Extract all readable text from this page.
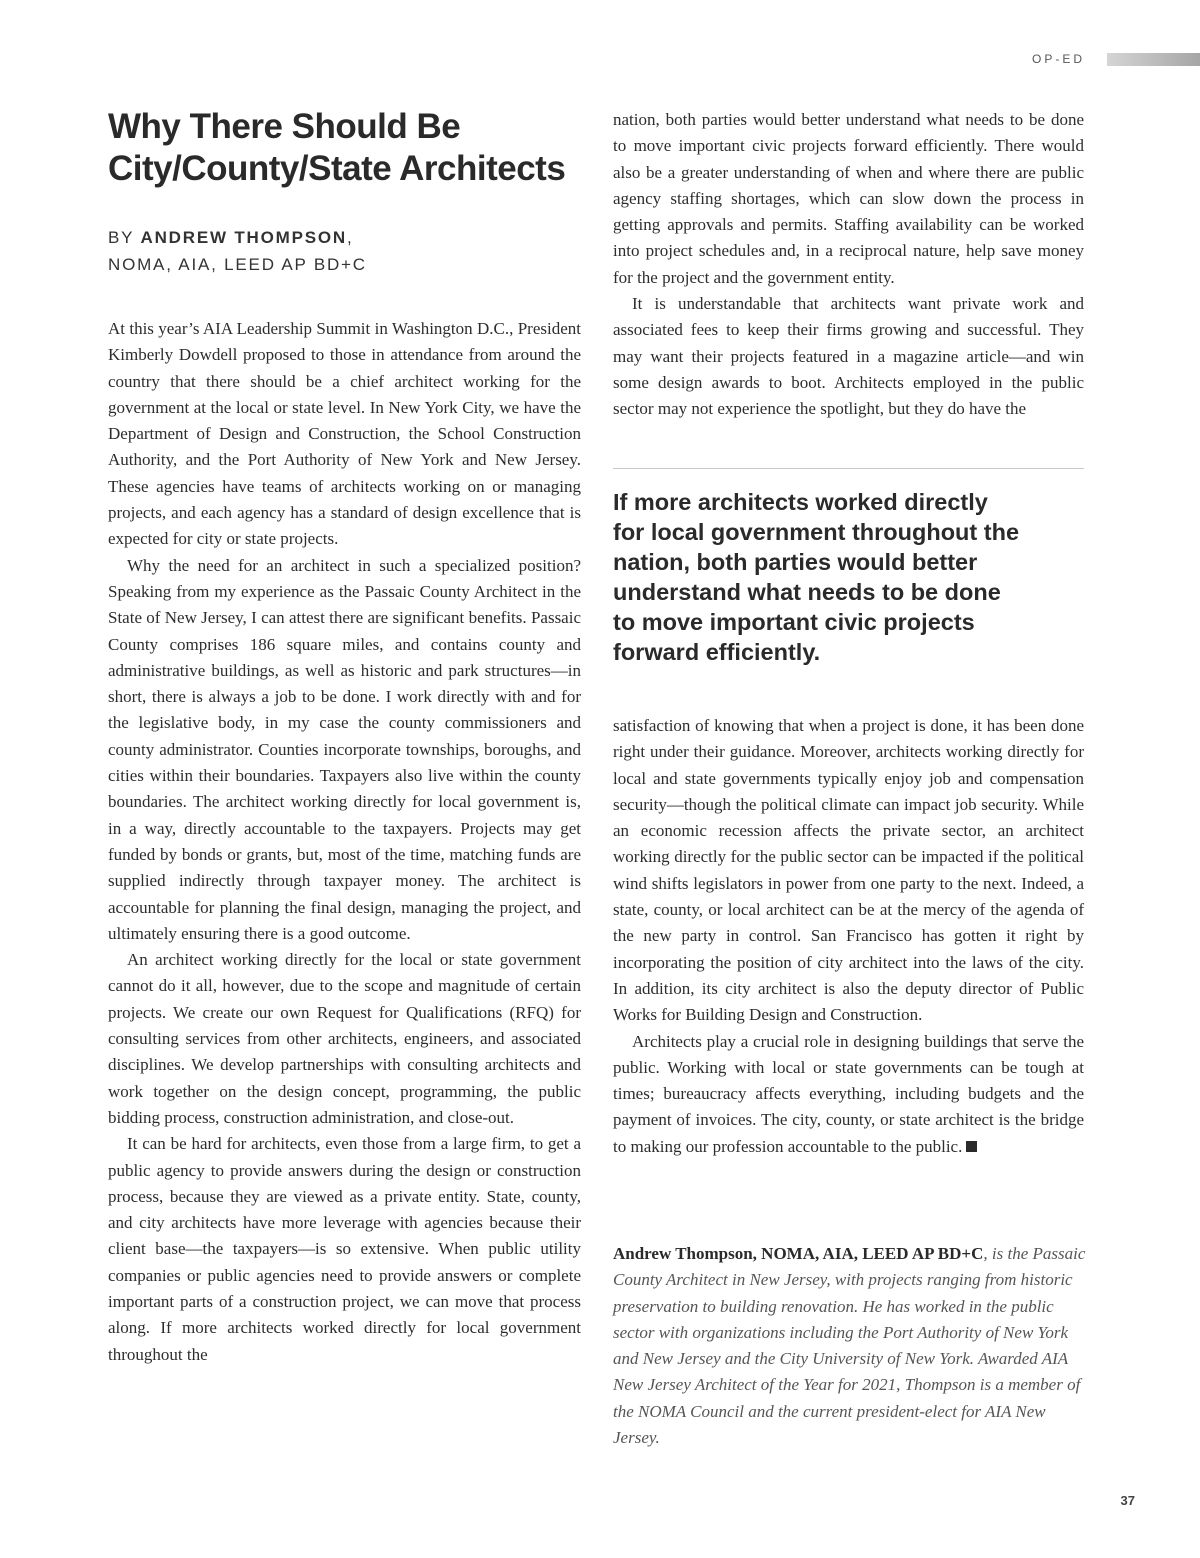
OP-ED
Why There Should Be City/County/State Architects
BY ANDREW THOMPSON,
NOMA, AIA, LEED AP BD+C

At this year’s AIA Leadership Summit in Washington D.C., President Kimberly Dowdell proposed to those in attendance from around the country that there should be a chief architect working for the government at the local or state level. In New York City, we have the Department of Design and Construction, the School Construction Authority, and the Port Authority of New York and New Jersey. These agencies have teams of architects working on or managing projects, and each agency has a standard of design excellence that is expected for city or state projects.

Why the need for an architect in such a specialized position? Speaking from my experience as the Passaic County Architect in the State of New Jersey, I can attest there are significant benefits. Passaic County comprises 186 square miles, and contains county and administrative buildings, as well as historic and park structures—in short, there is always a job to be done. I work directly with and for the legislative body, in my case the county commissioners and county administrator. Counties incorporate townships, boroughs, and cities within their boundaries. Taxpayers also live within the county boundaries. The architect working directly for local government is, in a way, directly accountable to the taxpayers. Projects may get funded by bonds or grants, but, most of the time, matching funds are supplied indirectly through taxpayer money. The architect is accountable for planning the final design, managing the project, and ultimately ensuring there is a good outcome.

An architect working directly for the local or state government cannot do it all, however, due to the scope and magnitude of certain projects. We create our own Request for Qualifications (RFQ) for consulting services from other architects, engineers, and associated disciplines. We develop partnerships with consulting architects and work together on the design concept, programming, the public bidding process, construction administration, and close-out.

It can be hard for architects, even those from a large firm, to get a public agency to provide answers during the design or construction process, because they are viewed as a private entity. State, county, and city architects have more leverage with agencies because their client base—the taxpayers—is so extensive. When public utility companies or public agencies need to provide answers or complete important parts of a construction project, we can move that process along. If more architects worked directly for local government throughout the

nation, both parties would better understand what needs to be done to move important civic projects forward efficiently. There would also be a greater understanding of when and where there are public agency staffing shortages, which can slow down the process in getting approvals and permits. Staffing availability can be worked into project schedules and, in a reciprocal nature, help save money for the project and the government entity.

It is understandable that architects want private work and associated fees to keep their firms growing and successful. They may want their projects featured in a magazine article—and win some design awards to boot. Architects employed in the public sector may not experience the spotlight, but they do have the

If more architects worked directly for local government throughout the nation, both parties would better understand what needs to be done to move important civic projects forward efficiently.

satisfaction of knowing that when a project is done, it has been done right under their guidance. Moreover, architects working directly for local and state governments typically enjoy job and compensation security—though the political climate can impact job security. While an economic recession affects the private sector, an architect working directly for the public sector can be impacted if the political wind shifts legislators in power from one party to the next. Indeed, a state, county, or local architect can be at the mercy of the agenda of the new party in control. San Francisco has gotten it right by incorporating the position of city architect into the laws of the city. In addition, its city architect is also the deputy director of Public Works for Building Design and Construction.

Architects play a crucial role in designing buildings that serve the public. Working with local or state governments can be tough at times; bureaucracy affects everything, including budgets and the payment of invoices. The city, county, or state architect is the bridge to making our profession accountable to the public.

Andrew Thompson, NOMA, AIA, LEED AP BD+C, is the Passaic County Architect in New Jersey, with projects ranging from historic preservation to building renovation. He has worked in the public sector with organizations including the Port Authority of New York and New Jersey and the City University of New York. Awarded AIA New Jersey Architect of the Year for 2021, Thompson is a member of the NOMA Council and the current president-elect for AIA New Jersey.
37
